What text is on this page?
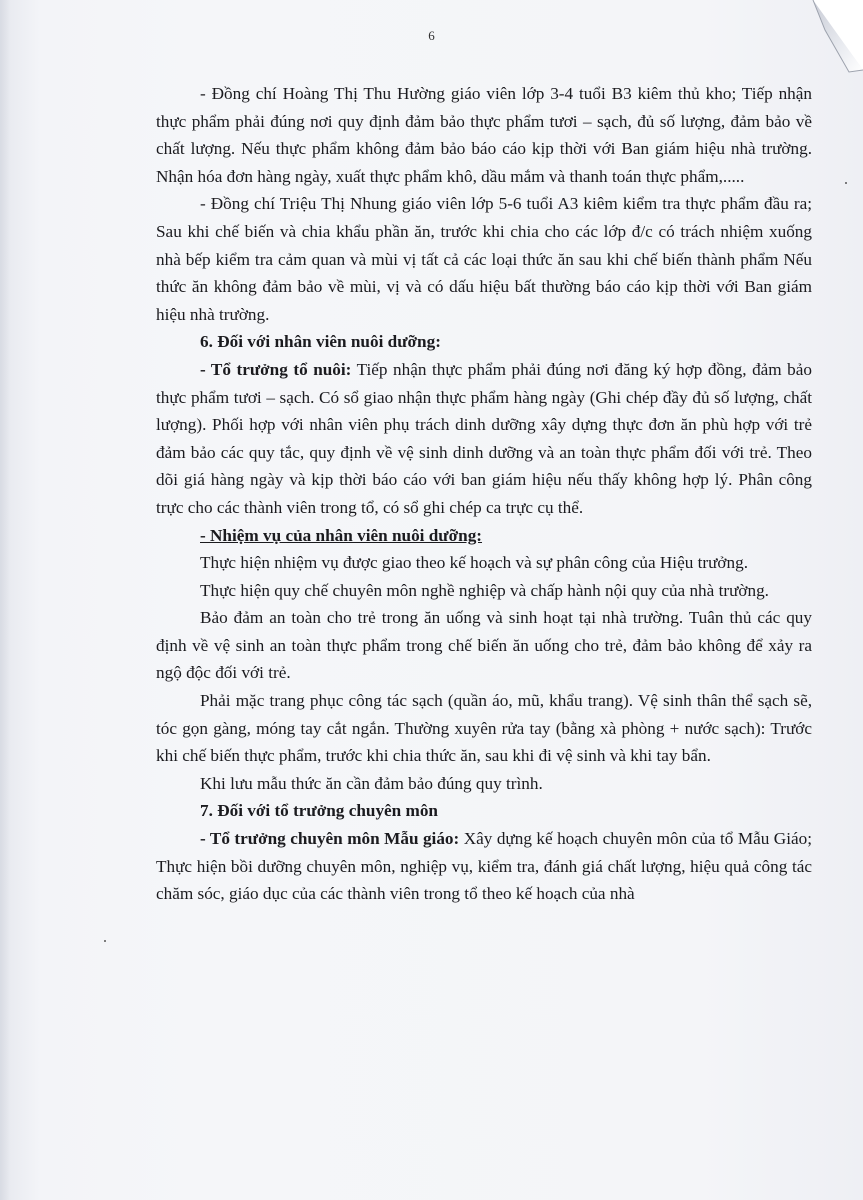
6

- Đồng chí Hoàng Thị Thu Hường giáo viên lớp 3-4 tuổi B3 kiêm thủ kho; Tiếp nhận thực phẩm phải đúng nơi quy định đảm bảo thực phẩm tươi – sạch, đủ số lượng, đảm bảo về chất lượng. Nếu thực phẩm không đảm bảo báo cáo kịp thời với Ban giám hiệu nhà trường. Nhận hóa đơn hàng ngày, xuất thực phẩm khô, dầu mắm và thanh toán thực phẩm,.....

- Đồng chí Triệu Thị Nhung giáo viên lớp 5-6 tuổi A3 kiêm kiểm tra thực phẩm đầu ra; Sau khi chế biến và chia khẩu phần ăn, trước khi chia cho các lớp đ/c có trách nhiệm xuống nhà bếp kiểm tra cảm quan và mùi vị tất cả các loại thức ăn sau khi chế biến thành phẩm Nếu thức ăn không đảm bảo về mùi, vị và có dấu hiệu bất thường báo cáo kịp thời với Ban giám hiệu nhà trường.

6. Đối với nhân viên nuôi dưỡng:

- Tổ trưởng tổ nuôi: Tiếp nhận thực phẩm phải đúng nơi đăng ký hợp đồng, đảm bảo thực phẩm tươi – sạch. Có sổ giao nhận thực phẩm hàng ngày (Ghi chép đầy đủ số lượng, chất lượng). Phối hợp với nhân viên phụ trách dinh dưỡng xây dựng thực đơn ăn phù hợp với trẻ đảm bảo các quy tắc, quy định về vệ sinh dinh dưỡng và an toàn thực phẩm đối với trẻ. Theo dõi giá hàng ngày và kịp thời báo cáo với ban giám hiệu nếu thấy không hợp lý. Phân công trực cho các thành viên trong tổ, có sổ ghi chép ca trực cụ thể.

- Nhiệm vụ của nhân viên nuôi dưỡng:

Thực hiện nhiệm vụ được giao theo kế hoạch và sự phân công của Hiệu trưởng.

Thực hiện quy chế chuyên môn nghề nghiệp và chấp hành nội quy của nhà trường.

Bảo đảm an toàn cho trẻ trong ăn uống và sinh hoạt tại nhà trường. Tuân thủ các quy định về vệ sinh an toàn thực phẩm trong chế biến ăn uống cho trẻ, đảm bảo không để xảy ra ngộ độc đối với trẻ.

Phải mặc trang phục công tác sạch (quần áo, mũ, khẩu trang). Vệ sinh thân thể sạch sẽ, tóc gọn gàng, móng tay cắt ngắn. Thường xuyên rửa tay (bằng xà phòng + nước sạch): Trước khi chế biến thực phẩm, trước khi chia thức ăn, sau khi đi vệ sinh và khi tay bẩn.

Khi lưu mẫu thức ăn cần đảm bảo đúng quy trình.

7. Đối với tổ trưởng chuyên môn

- Tổ trưởng chuyên môn Mẫu giáo: Xây dựng kế hoạch chuyên môn của tổ Mẫu Giáo; Thực hiện bồi dưỡng chuyên môn, nghiệp vụ, kiểm tra, đánh giá chất lượng, hiệu quả công tác chăm sóc, giáo dục của các thành viên trong tổ theo kế hoạch của nhà
